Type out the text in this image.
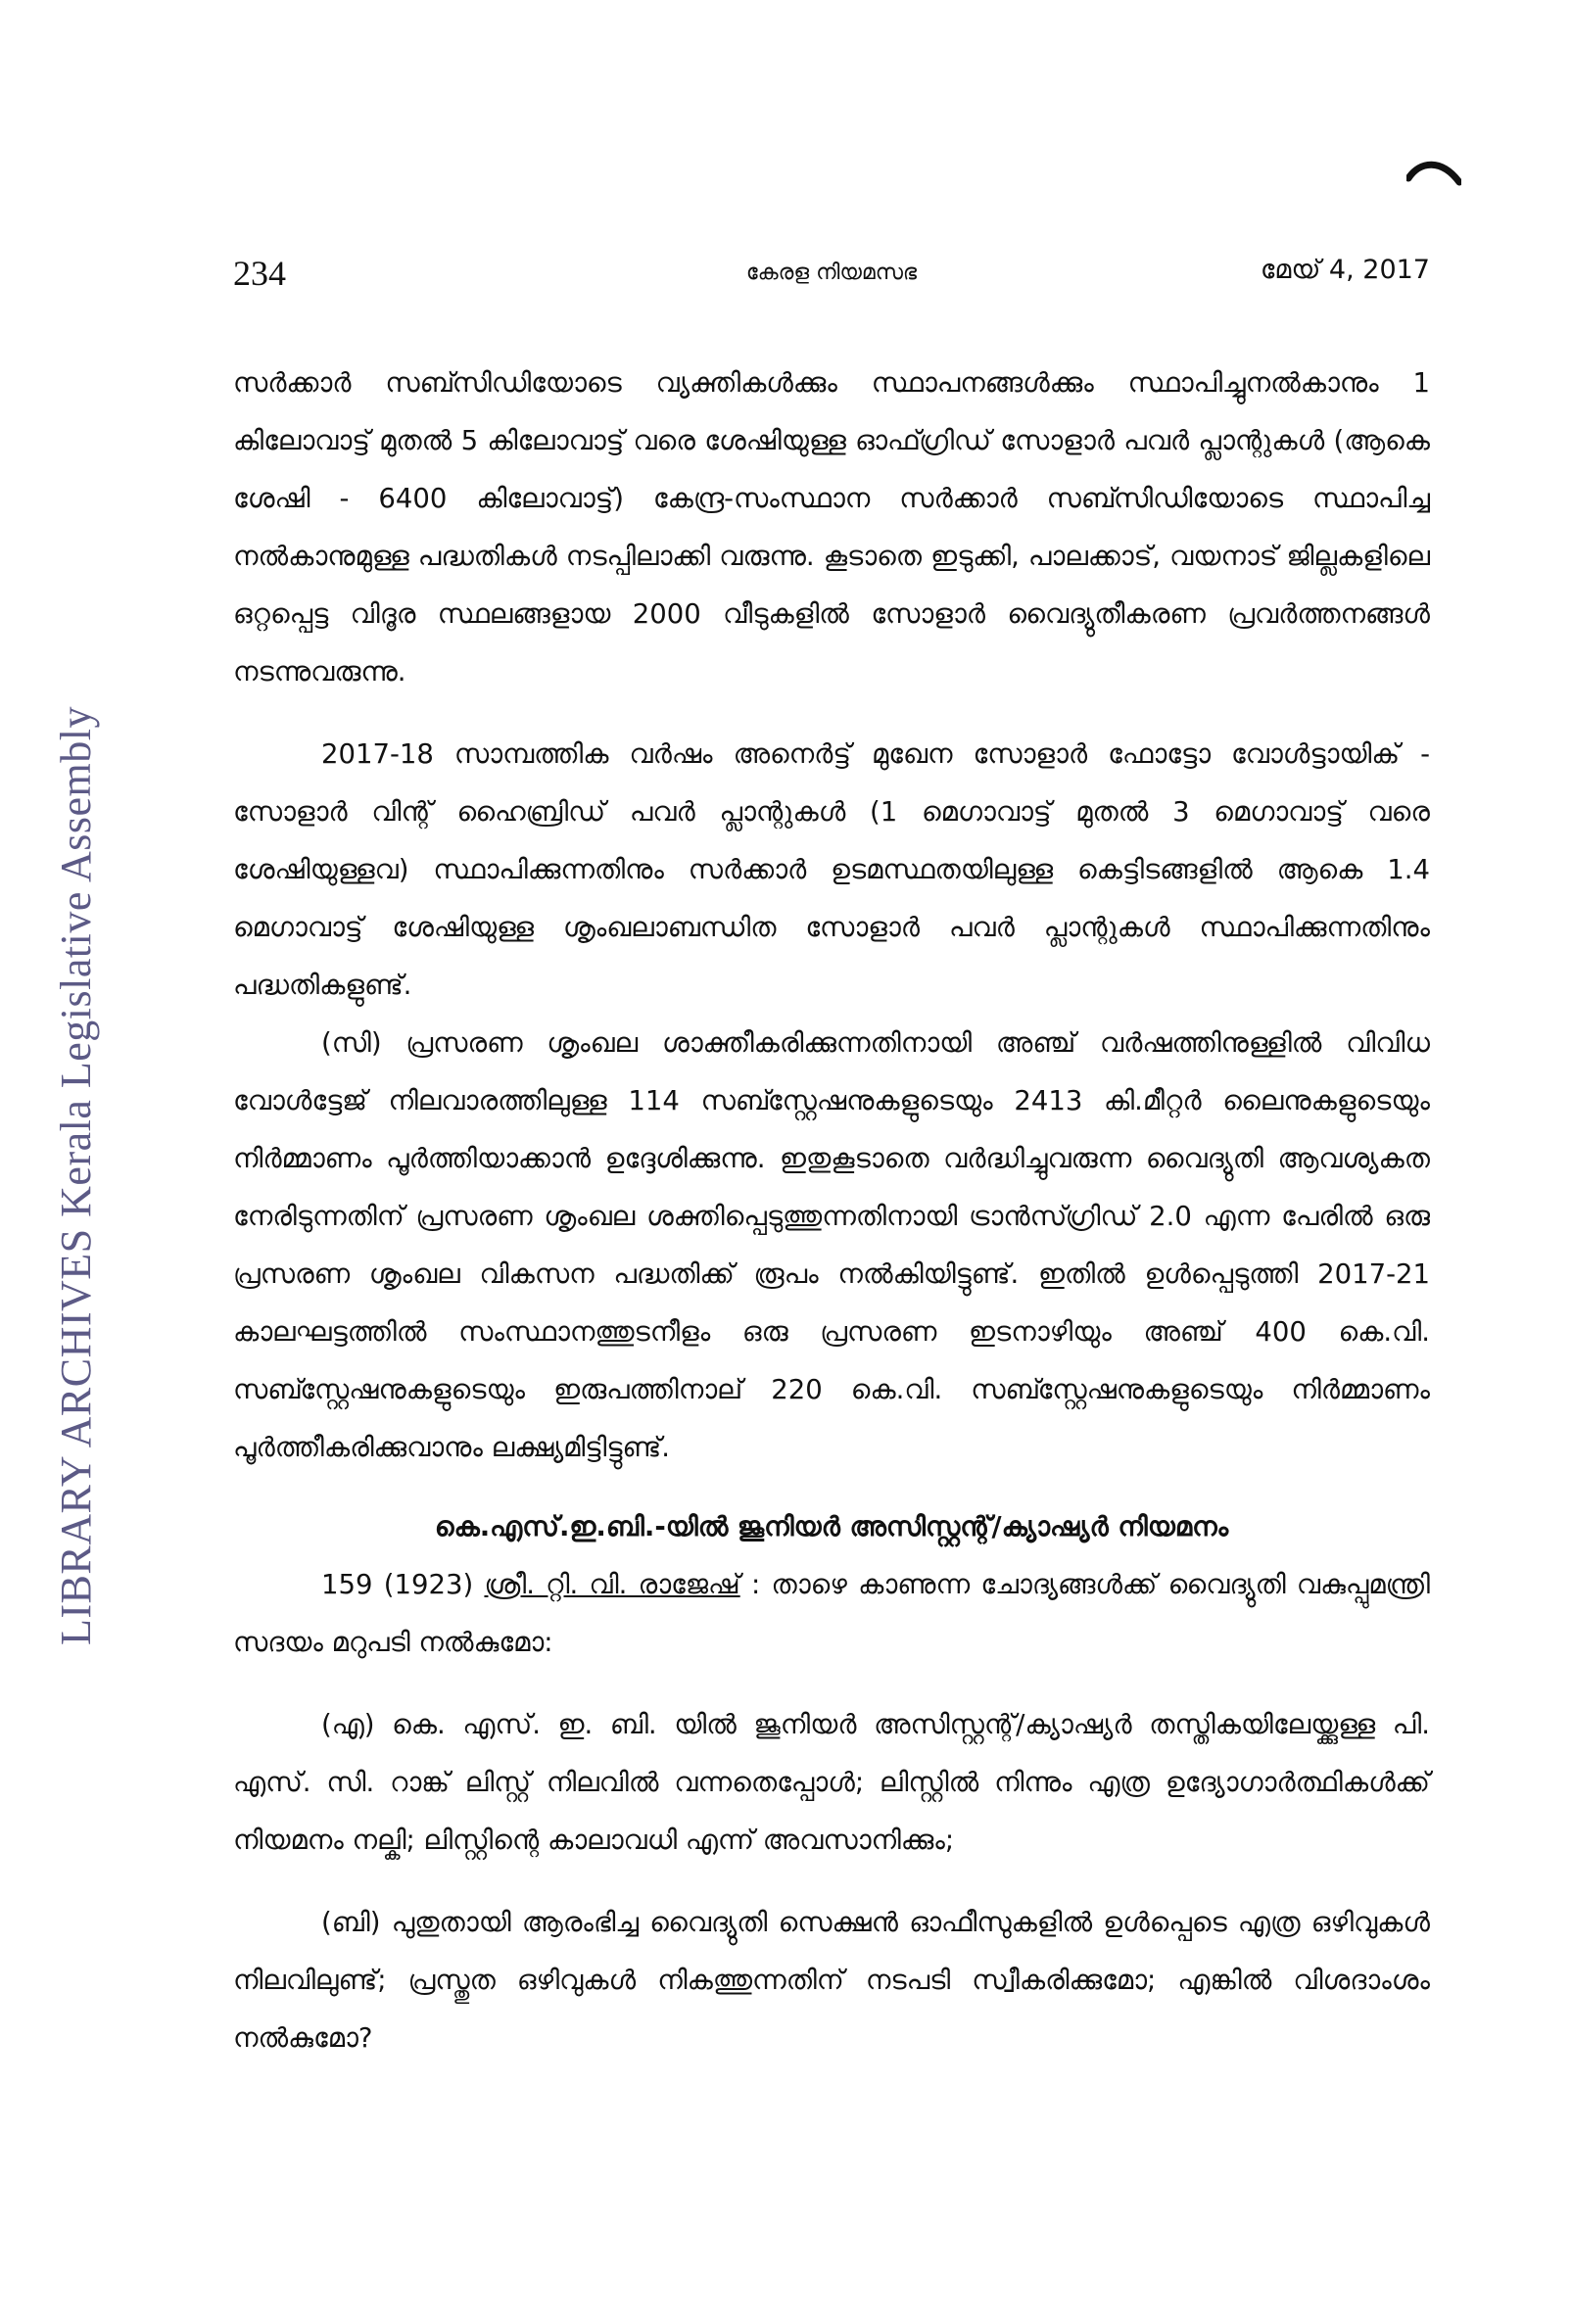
LIBRARY ARCHIVES Kerala Legislative Assembly
234	കേരള നിയമസഭ	മേയ് 4, 2017

സർക്കാർ സബ്സിഡിയോടെ വ്യക്തികൾക്കും സ്ഥാപനങ്ങൾക്കും സ്ഥാപിച്ചുനൽകാനും 1 കിലോവാട്ട് മുതൽ 5 കിലോവാട്ട് വരെ ശേഷിയുള്ള ഓഫ്ഗ്രിഡ് സോളാർ പവർ പ്ലാന്റുകൾ (ആകെ ശേഷി - 6400 കിലോവാട്ട്) കേന്ദ്ര-സംസ്ഥാന സർക്കാർ സബ്സിഡിയോടെ സ്ഥാപിച്ച നൽകാനുമുള്ള പദ്ധതികൾ നടപ്പിലാക്കി വരുന്നു. കൂടാതെ ഇടുക്കി, പാലക്കാട്, വയനാട് ജില്ലകളിലെ ഒറ്റപ്പെട്ട വിദൂര സ്ഥലങ്ങളായ 2000 വീടുകളിൽ സോളാർ വൈദ്യുതീകരണ പ്രവർത്തനങ്ങൾ നടന്നുവരുന്നു.

2017-18 സാമ്പത്തിക വർഷം അനെർട്ട് മുഖേന സോളാർ ഫോട്ടോ വോൾട്ടായിക് - സോളാർ വിന്റ് ഹൈബ്രിഡ് പവർ പ്ലാന്റുകൾ (1 മെഗാവാട്ട് മുതൽ 3 മെഗാവാട്ട് വരെ ശേഷിയുള്ളവ) സ്ഥാപിക്കുന്നതിനും സർക്കാർ ഉടമസ്ഥതയിലുള്ള കെട്ടിടങ്ങളിൽ ആകെ 1.4 മെഗാവാട്ട് ശേഷിയുള്ള ശൃംഖലാബന്ധിത സോളാർ പവർ പ്ലാന്റുകൾ സ്ഥാപിക്കുന്നതിനും പദ്ധതികളുണ്ട്.

(സി) പ്രസരണ ശൃംഖല ശാക്തീകരിക്കുന്നതിനായി അഞ്ച് വർഷത്തിനുള്ളിൽ വിവിധ വോൾട്ടേജ് നിലവാരത്തിലുള്ള 114 സബ്സ്റ്റേഷനുകളുടെയും 2413 കി.മീറ്റർ ലൈനുകളുടെയും നിർമ്മാണം പൂർത്തിയാക്കാൻ ഉദ്ദേശിക്കുന്നു. ഇതുകൂടാതെ വർദ്ധിച്ചുവരുന്ന വൈദ്യുതി ആവശ്യകത നേരിടുന്നതിന് പ്രസരണ ശൃംഖല ശക്തിപ്പെടുത്തുന്നതിനായി ട്രാൻസ്ഗ്രിഡ് 2.0 എന്ന പേരിൽ ഒരു പ്രസരണ ശൃംഖല വികസന പദ്ധതിക്ക് രൂപം നൽകിയിട്ടുണ്ട്. ഇതിൽ ഉൾപ്പെടുത്തി 2017-21 കാലഘട്ടത്തിൽ സംസ്ഥാനത്തുടനീളം ഒരു പ്രസരണ ഇടനാഴിയും അഞ്ച് 400 കെ.വി. സബ്സ്റ്റേഷനുകളുടെയും ഇരുപത്തിനാല് 220 കെ.വി. സബ്സ്റ്റേഷനുകളുടെയും നിർമ്മാണം പൂർത്തീകരിക്കുവാനും ലക്ഷ്യമിട്ടിട്ടുണ്ട്.

കെ.എസ്.ഇ.ബി.-യിൽ ജൂനിയർ അസിസ്റ്റന്റ്/ക്യാഷ്യർ നിയമനം

159 (1923) ശ്രീ. റ്റി. വി. രാജേഷ് : താഴെ കാണുന്ന ചോദ്യങ്ങൾക്ക് വൈദ്യുതി വകുപ്പുമന്ത്രി സദയം മറുപടി നൽകുമോ:

(എ) കെ. എസ്. ഇ. ബി. യിൽ ജൂനിയർ അസിസ്റ്റന്റ്/ക്യാഷ്യർ തസ്തികയിലേയ്ക്കുള്ള പി. എസ്. സി. റാങ്ക് ലിസ്റ്റ് നിലവിൽ വന്നതെപ്പോൾ; ലിസ്റ്റിൽ നിന്നും എത്ര ഉദ്യോഗാർത്ഥികൾക്ക് നിയമനം നല്കി; ലിസ്റ്റിന്റെ കാലാവധി എന്ന് അവസാനിക്കും;

(ബി) പുതുതായി ആരംഭിച്ച വൈദ്യുതി സെക്ഷൻ ഓഫീസുകളിൽ ഉൾപ്പെടെ എത്ര ഒഴിവുകൾ നിലവിലുണ്ട്; പ്രസ്തുത ഒഴിവുകൾ നികത്തുന്നതിന് നടപടി സ്വീകരിക്കുമോ; എങ്കിൽ വിശദാംശം നൽകുമോ?
